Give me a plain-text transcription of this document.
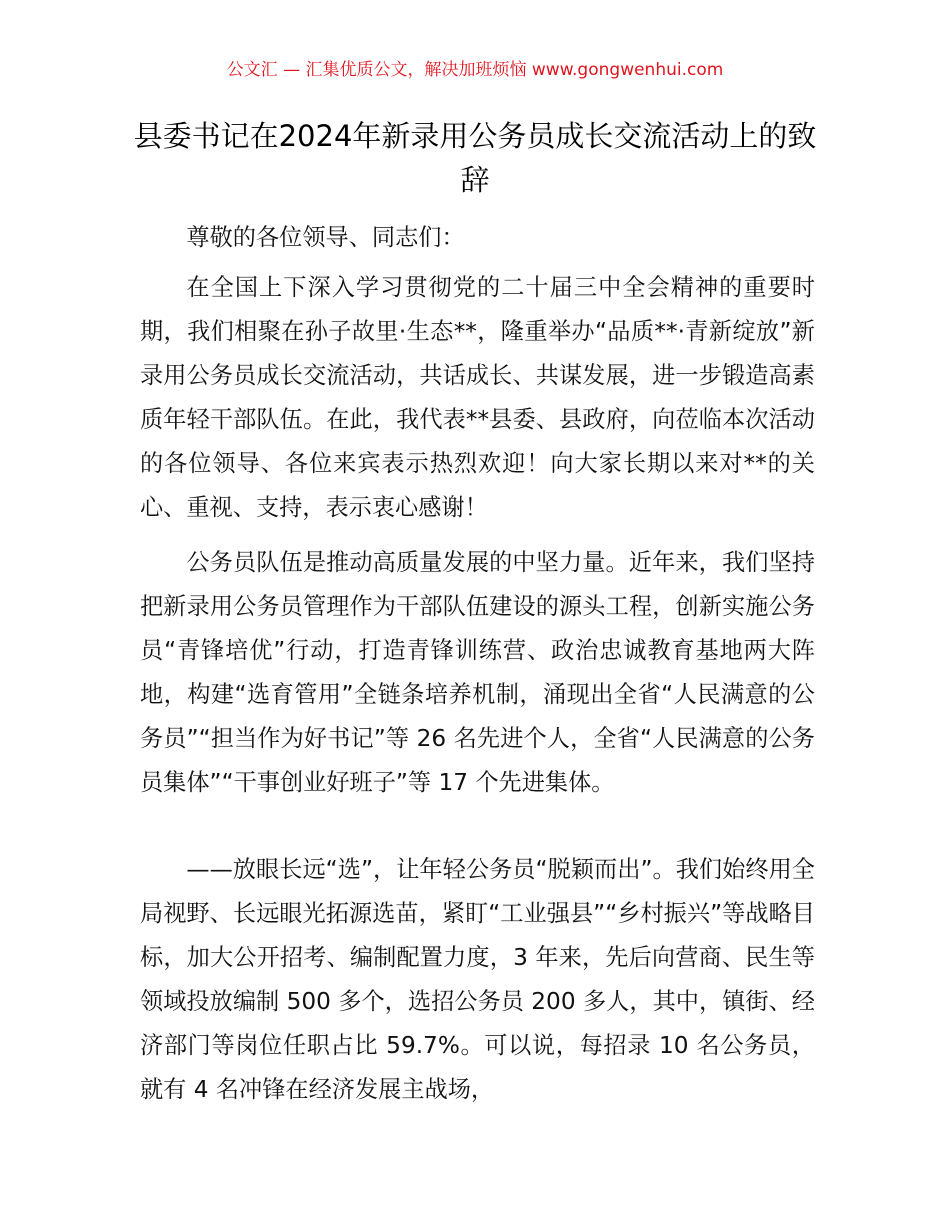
公文汇 — 汇集优质公文，解决加班烦恼 www.gongwenhui.com
县委书记在2024年新录用公务员成长交流活动上的致辞
尊敬的各位领导、同志们：

在全国上下深入学习贯彻党的二十届三中全会精神的重要时期，我们相聚在孙子故里·生态**，隆重举办“品质**·青新绽放”新录用公务员成长交流活动，共话成长、共谋发展，进一步锻造高素质年轻干部队伍。在此，我代表**县委、县政府，向莅临本次活动的各位领导、各位来宾表示热烈欢迎！向大家长期以来对**的关心、重视、支持，表示衷心感谢！

公务员队伍是推动高质量发展的中坚力量。近年来，我们坚持把新录用公务员管理作为干部队伍建设的源头工程，创新实施公务员“青锋培优”行动，打造青锋训练营、政治忠诚教育基地两大阵地，构建“选育管用”全链条培养机制，涌现出全省“人民满意的公务员”“担当作为好书记”等 26 名先进个人，全省“人民满意的公务员集体”“干事创业好班子”等 17 个先进集体。

——放眼长远“选”，让年轻公务员“脱颖而出”。我们始终用全局视野、长远眼光拓源选苗，紧盯“工业强县”“乡村振兴”等战略目标，加大公开招考、编制配置力度，3 年来，先后向营商、民生等领域投放编制 500 多个，选招公务员 200 多人，其中，镇街、经济部门等岗位任职占比 59.7%。可以说，每招录 10 名公务员，就有 4 名冲锋在经济发展主战场，
